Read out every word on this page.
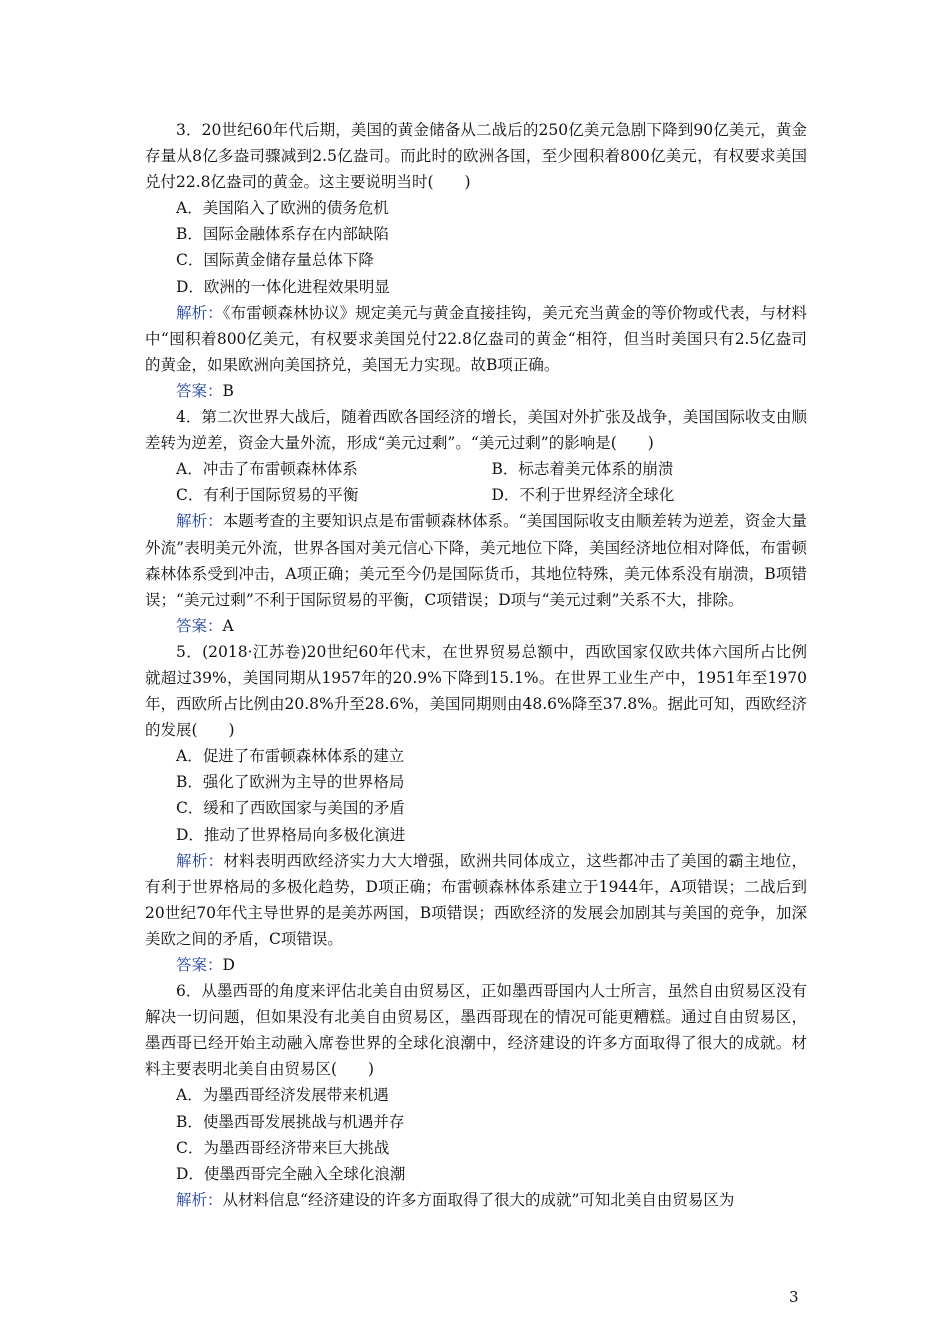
3．20世纪60年代后期，美国的黄金储备从二战后的250亿美元急剧下降到90亿美元，黄金存量从8亿多盎司骤减到2.5亿盎司。而此时的欧洲各国，至少囤积着800亿美元，有权要求美国兑付22.8亿盎司的黄金。这主要说明当时(　　)

A．美国陷入了欧洲的债务危机

B．国际金融体系存在内部缺陷

C．国际黄金储存量总体下降

D．欧洲的一体化进程效果明显

解析：《布雷顿森林协议》规定美元与黄金直接挂钩，美元充当黄金的等价物或代表，与材料中“囤积着800亿美元，有权要求美国兑付22.8亿盎司的黄金“相符，但当时美国只有2.5亿盎司的黄金，如果欧洲向美国挤兑，美国无力实现。故B项正确。

答案：B

4．第二次世界大战后，随着西欧各国经济的增长，美国对外扩张及战争，美国国际收支由顺差转为逆差，资金大量外流，形成“美元过剩”。“美元过剩”的影响是(　　)

A．冲击了布雷顿森林体系	B．标志着美元体系的崩溃
C．有利于国际贸易的平衡	D．不利于世界经济全球化

解析：本题考查的主要知识点是布雷顿森林体系。“美国国际收支由顺差转为逆差，资金大量外流”表明美元外流，世界各国对美元信心下降，美元地位下降，美国经济地位相对降低，布雷顿森林体系受到冲击，A项正确；美元至今仍是国际货币，其地位特殊，美元体系没有崩溃，B项错误；“美元过剩”不利于国际贸易的平衡，C项错误；D项与“美元过剩”关系不大，排除。

答案：A

5．(2018·江苏卷)20世纪60年代末，在世界贸易总额中，西欧国家仅欧共体六国所占比例就超过39%，美国同期从1957年的20.9%下降到15.1%。在世界工业生产中，1951年至1970年，西欧所占比例由20.8%升至28.6%，美国同期则由48.6%降至37.8%。据此可知，西欧经济的发展(　　)

A．促进了布雷顿森林体系的建立

B．强化了欧洲为主导的世界格局

C．缓和了西欧国家与美国的矛盾

D．推动了世界格局向多极化演进

解析：材料表明西欧经济实力大大增强，欧洲共同体成立，这些都冲击了美国的霸主地位，有利于世界格局的多极化趋势，D项正确；布雷顿森林体系建立于1944年，A项错误；二战后到20世纪70年代主导世界的是美苏两国，B项错误；西欧经济的发展会加剧其与美国的竞争，加深美欧之间的矛盾，C项错误。

答案：D

6．从墨西哥的角度来评估北美自由贸易区，正如墨西哥国内人士所言，虽然自由贸易区没有解决一切问题，但如果没有北美自由贸易区，墨西哥现在的情况可能更糟糕。通过自由贸易区，墨西哥已经开始主动融入席卷世界的全球化浪潮中，经济建设的许多方面取得了很大的成就。材料主要表明北美自由贸易区(　　)

A．为墨西哥经济发展带来机遇

B．使墨西哥发展挑战与机遇并存

C．为墨西哥经济带来巨大挑战

D．使墨西哥完全融入全球化浪潮

解析：从材料信息“经济建设的许多方面取得了很大的成就”可知北美自由贸易区为

3
